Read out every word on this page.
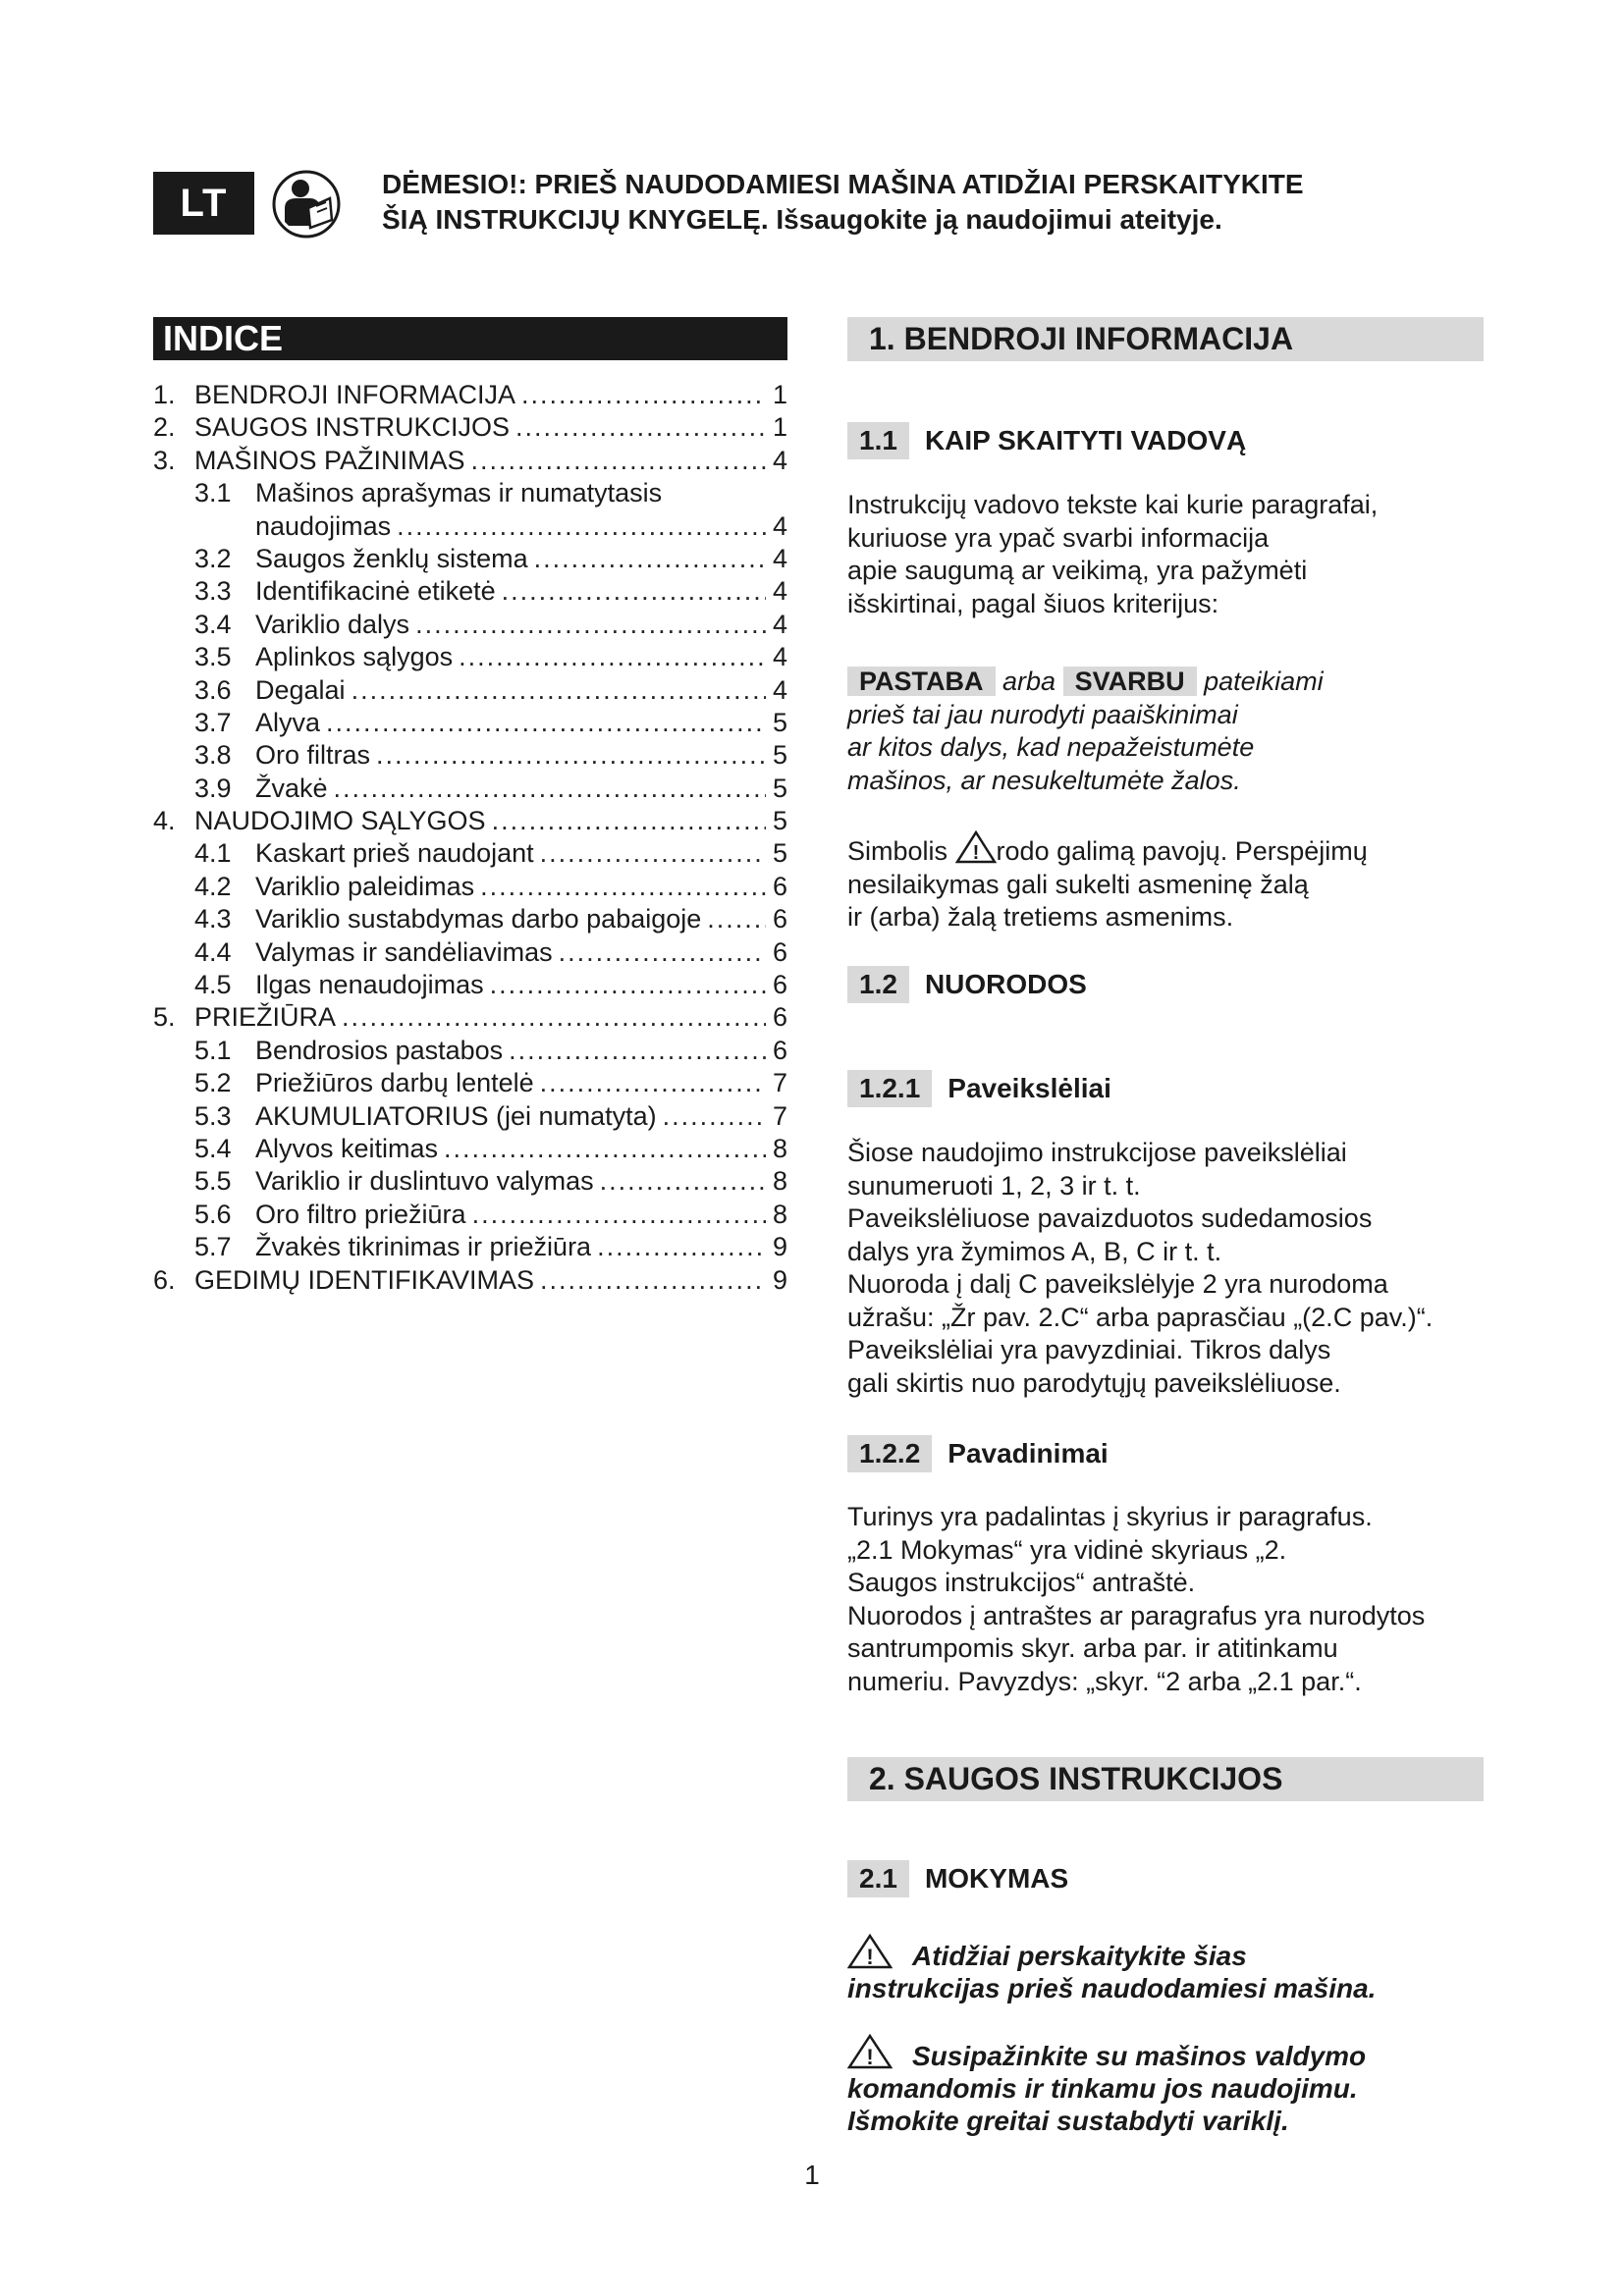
LT	DĖMESIO!: PRIEŠ NAUDODAMIESI MAŠINA ATIDŽIAI PERSKAITYKITE
ŠIĄ INSTRUKCIJŲ KNYGELĘ. Išsaugokite ją naudojimui ateityje.
INDICE
1. BENDROJI INFORMACIJA .....	1
2. SAUGOS INSTRUKCIJOS .....	1
3. MAŠINOS PAŽINIMAS .....	4
3.1 Mašinos aprašymas ir numatytasis
naudojimas .....	4
3.2 Saugos ženklų sistema .....	4
3.3 Identifikacinė etiketė .....	4
3.4 Variklio dalys .....	4
3.5 Aplinkos sąlygos .....	4
3.6 Degalai .....	4
3.7 Alyva .....	5
3.8 Oro filtras .....	5
3.9 Žvakė .....	5
4. NAUDOJIMO SĄLYGOS .....	5
4.1 Kaskart prieš naudojant .....	5
4.2 Variklio paleidimas .....	6
4.3 Variklio sustabdymas darbo pabaigoje .....	6
4.4 Valymas ir sandėliavimas .....	6
4.5 Ilgas nenaudojimas .....	6
5. PRIEŽIŪRA .....	6
5.1 Bendrosios pastabos .....	6
5.2 Priežiūros darbų lentelė .....	7
5.3 AKUMULIATORIUS (jei numatyta) .....	7
5.4 Alyvos keitimas .....	8
5.5 Variklio ir duslintuvo valymas .....	8
5.6 Oro filtro priežiūra .....	8
5.7 Žvakės tikrinimas ir priežiūra .....	9
6. GEDIMŲ IDENTIFIKAVIMAS .....	9
1. BENDROJI INFORMACIJA
1.1	KAIP SKAITYTI VADOVĄ
Instrukcijų vadovo tekste kai kurie paragrafai,
kuriuose yra ypač svarbi informacija
apie saugumą ar veikimą, yra pažymėti
išskirtinai, pagal šiuos kriterijus:
PASTABA arba SVARBU pateikiami
prieš tai jau nurodyti paaiškinimai
ar kitos dalys, kad nepažeistumėte
mašinos, ar nesukeltumėte žalos.
Simbolis ! rodo galimą pavojų. Perspėjimų
nesilaikymas gali sukelti asmeninę žalą
ir (arba) žalą tretiems asmenims.
1.2	NUORODOS
1.2.1	Paveikslėliai
Šiose naudojimo instrukcijose paveikslėliai
sunumeruoti 1, 2, 3 ir t. t.
Paveikslėliuose pavaizduotos sudedamosios
dalys yra žymimos A, B, C ir t. t.
Nuoroda į dalį C paveikslėlyje 2 yra nurodoma
užrašu: „Žr pav. 2.C“ arba paprasčiau „(2.C pav.)“.
Paveikslėliai yra pavyzdiniai. Tikros dalys
gali skirtis nuo parodytųjų paveikslėliuose.
1.2.2	Pavadinimai
Turinys yra padalintas į skyrius ir paragrafus.
„2.1 Mokymas“ yra vidinė skyriaus „2.
Saugos instrukcijos“ antraštė.
Nuorodos į antraštes ar paragrafus yra nurodytos
santrumpomis skyr. arba par. ir atitinkamu
numeriu. Pavyzdys: „skyr. “2 arba „2.1 par.“.
2. SAUGOS INSTRUKCIJOS
2.1	MOKYMAS
! Atidžiai perskaitykite šias
instrukcijas prieš naudodamiesi mašina.
! Susipažinkite su mašinos valdymo
komandomis ir tinkamu jos naudojimu.
Išmokite greitai sustabdyti variklį.
1
